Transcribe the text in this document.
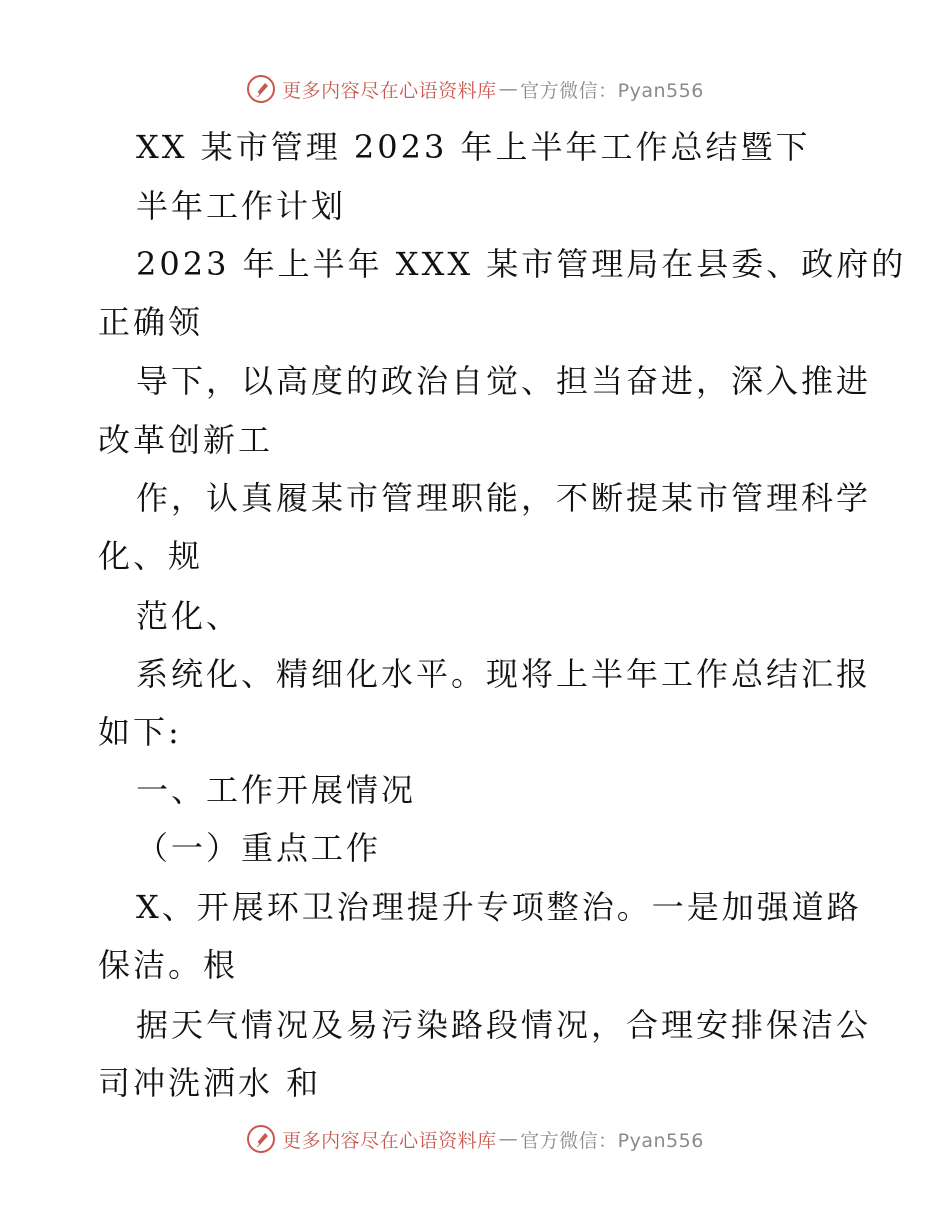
更多内容尽在心语资料库 — 官方微信：Pyan556
XX 某市管理 2023 年上半年工作总结暨下
半年工作计划
2023 年上半年 XXX 某市管理局在县委、政府的
正确领
导下，以高度的政治自觉、担当奋进，深入推进
改革创新工
作，认真履某市管理职能，不断提某市管理科学
化、规
范化、
系统化、精细化水平。现将上半年工作总结汇报
如下:
一、工作开展情况
（一）重点工作
X、开展环卫治理提升专项整治。一是加强道路
保洁。根
据天气情况及易污染路段情况，合理安排保洁公
司冲洗洒水 和
更多内容尽在心语资料库 — 官方微信：Pyan556
